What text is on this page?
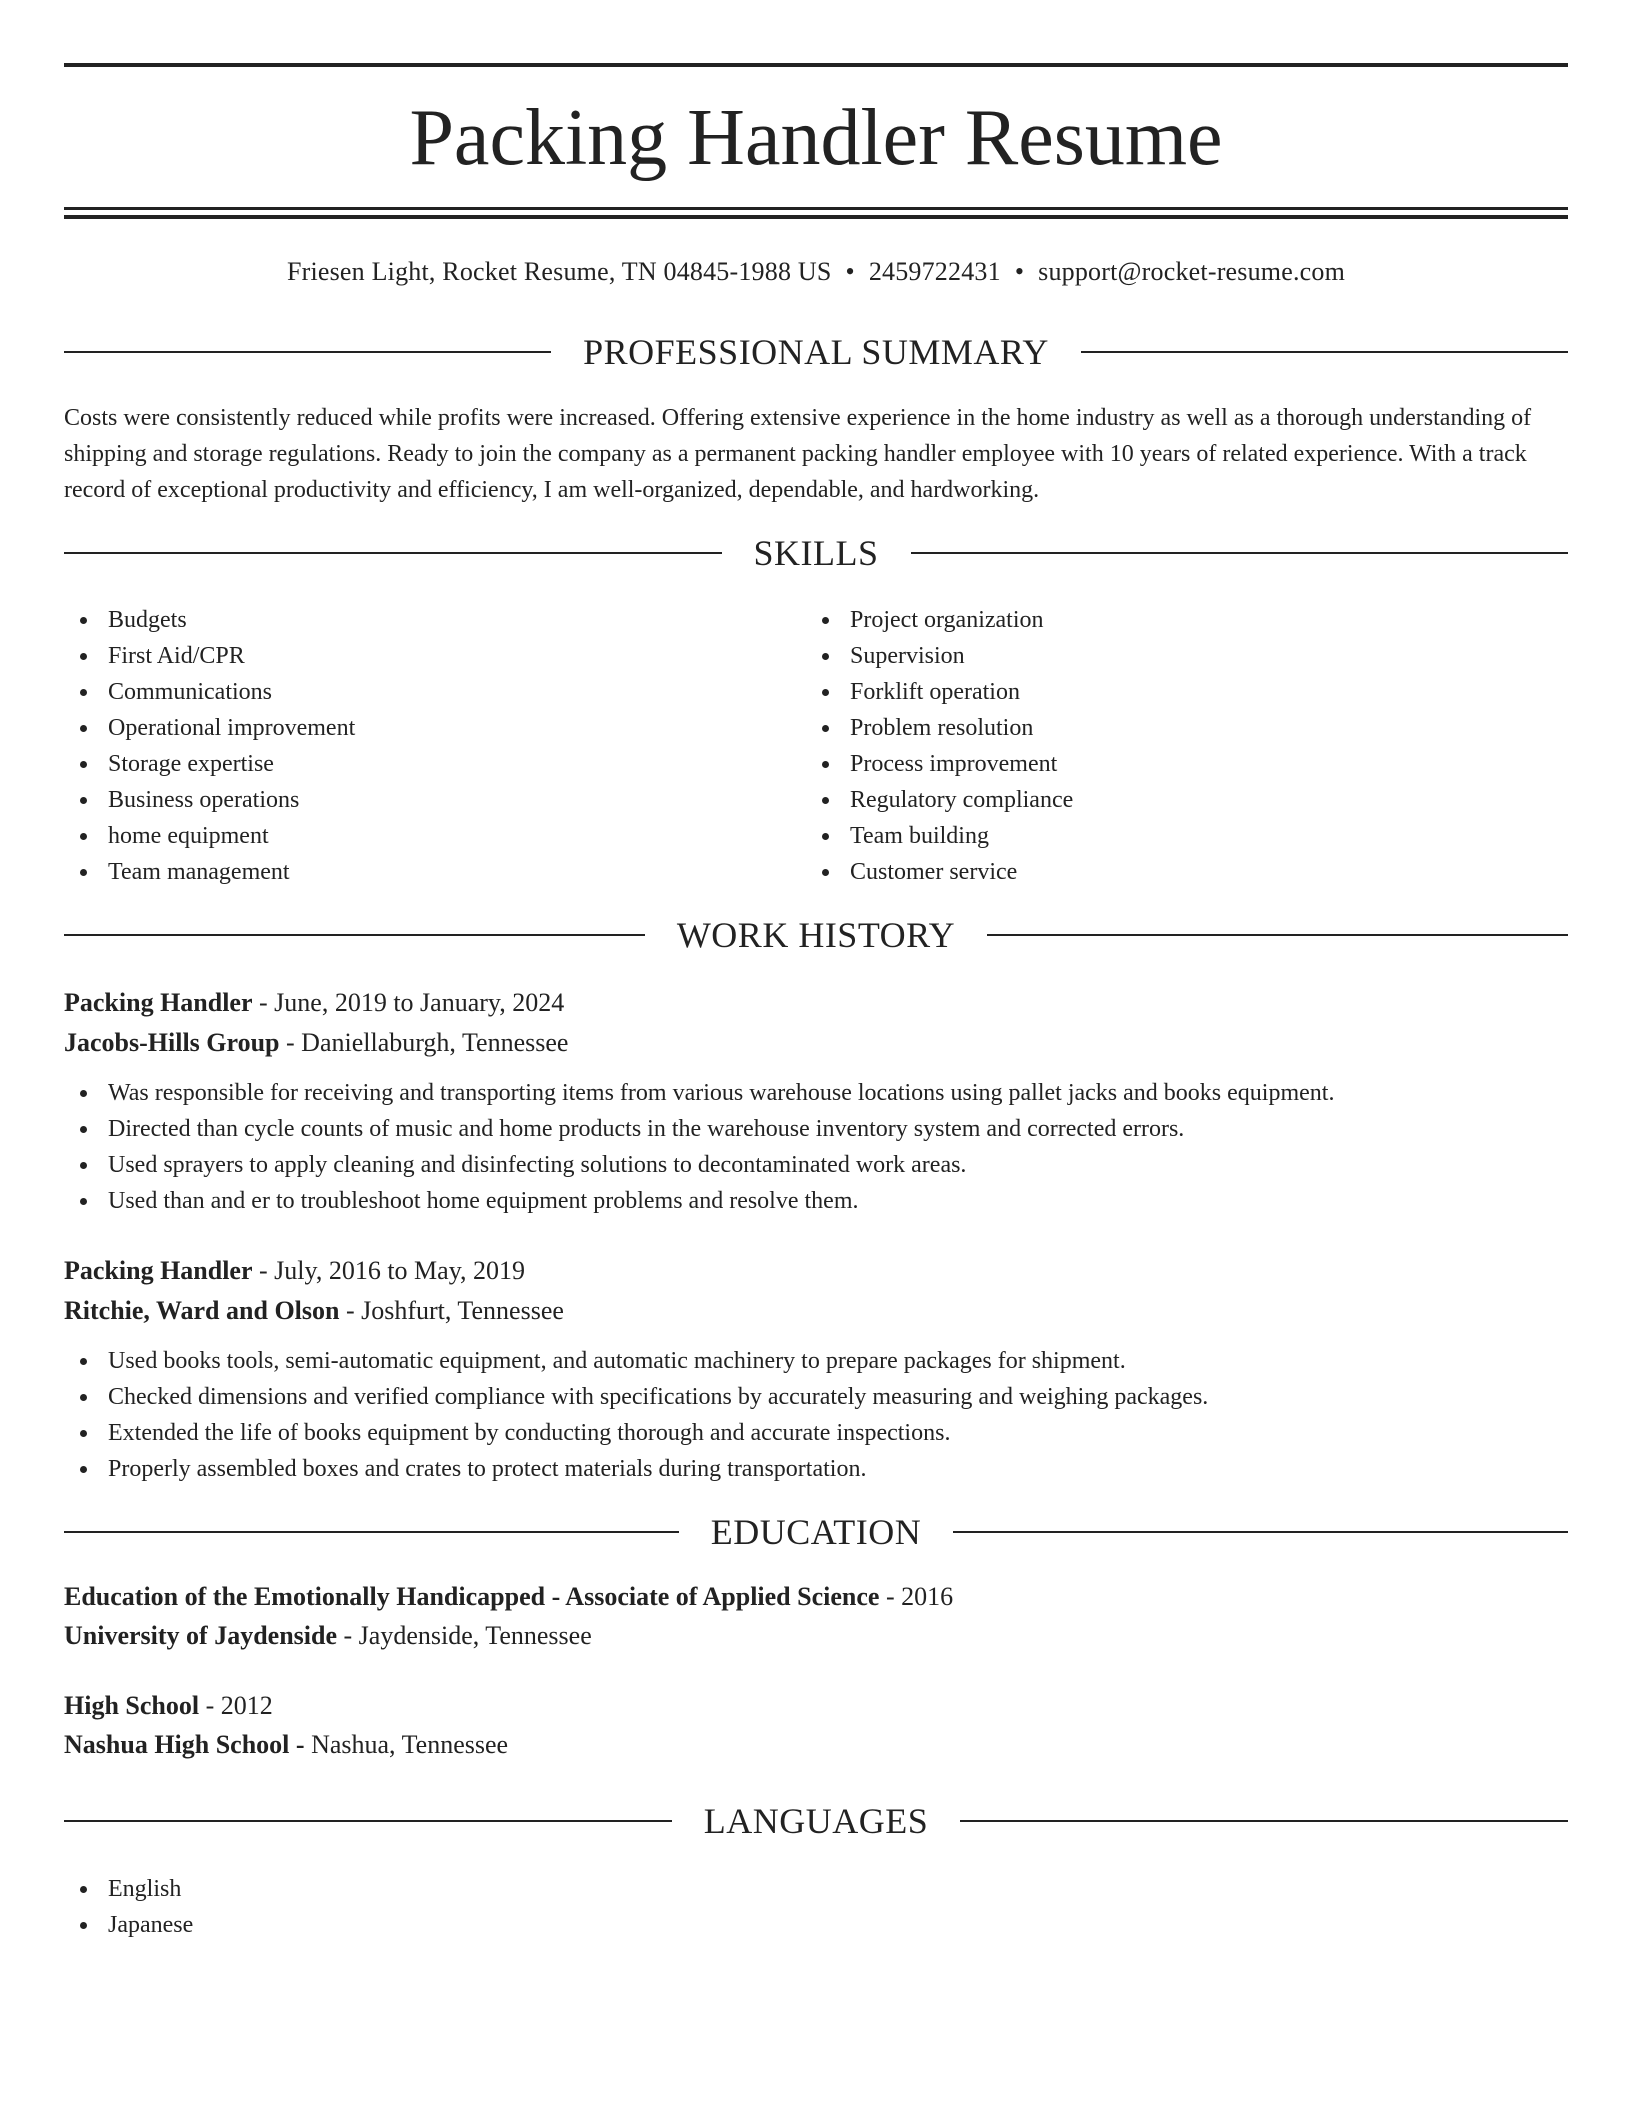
Packing Handler Resume
Friesen Light, Rocket Resume, TN 04845-1988 US • 2459722431 • support@rocket-resume.com
PROFESSIONAL SUMMARY

Costs were consistently reduced while profits were increased. Offering extensive experience in the home industry as well as a thorough understanding of shipping and storage regulations. Ready to join the company as a permanent packing handler employee with 10 years of related experience. With a track record of exceptional productivity and efficiency, I am well-organized, dependable, and hardworking.

SKILLS
Budgets
First Aid/CPR
Communications
Operational improvement
Storage expertise
Business operations
home equipment
Team management
Project organization
Supervision
Forklift operation
Problem resolution
Process improvement
Regulatory compliance
Team building
Customer service
WORK HISTORY
Packing Handler - June, 2019 to January, 2024
Jacobs-Hills Group - Daniellaburgh, Tennessee
Was responsible for receiving and transporting items from various warehouse locations using pallet jacks and books equipment.
Directed than cycle counts of music and home products in the warehouse inventory system and corrected errors.
Used sprayers to apply cleaning and disinfecting solutions to decontaminated work areas.
Used than and er to troubleshoot home equipment problems and resolve them.
Packing Handler - July, 2016 to May, 2019
Ritchie, Ward and Olson - Joshfurt, Tennessee
Used books tools, semi-automatic equipment, and automatic machinery to prepare packages for shipment.
Checked dimensions and verified compliance with specifications by accurately measuring and weighing packages.
Extended the life of books equipment by conducting thorough and accurate inspections.
Properly assembled boxes and crates to protect materials during transportation.
EDUCATION
Education of the Emotionally Handicapped - Associate of Applied Science - 2016
University of Jaydenside - Jaydenside, Tennessee
High School - 2012
Nashua High School - Nashua, Tennessee
LANGUAGES
English
Japanese
